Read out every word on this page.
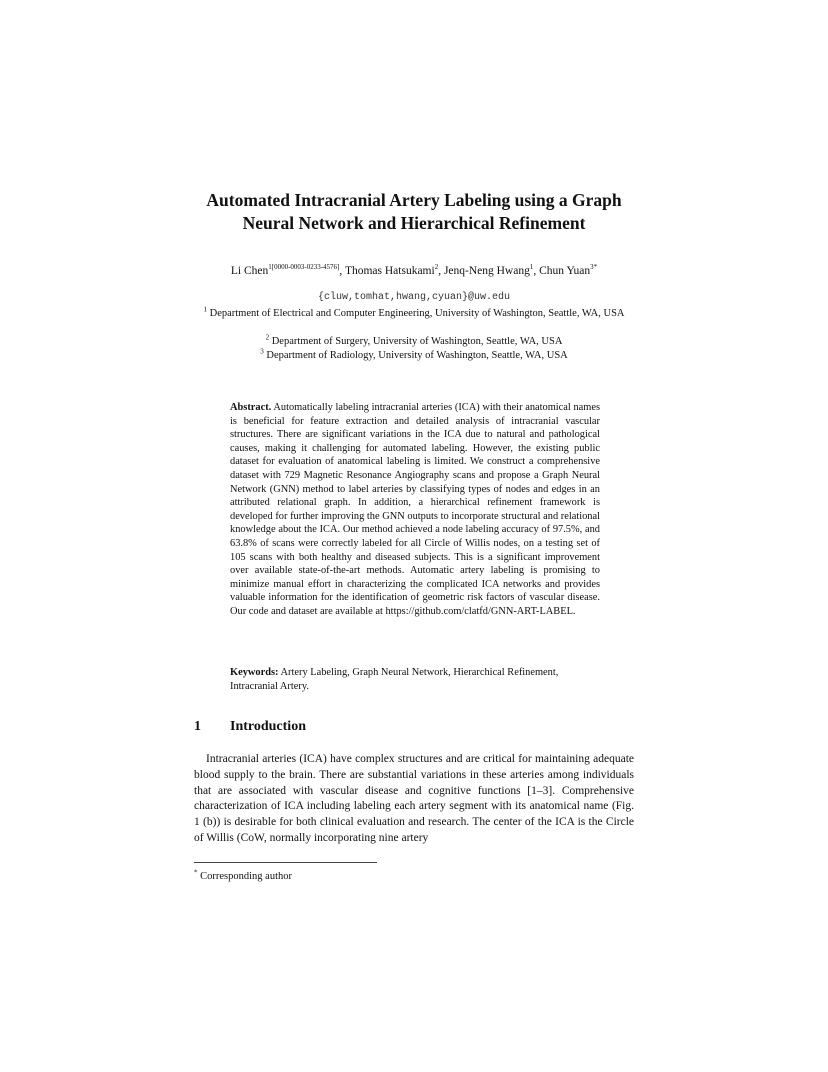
Automated Intracranial Artery Labeling using a Graph
Neural Network and Hierarchical Refinement
Li Chen$^{1[0000-0003-0233-4576]}$, Thomas Hatsukami$^2$, Jenq-Neng Hwang$^1$, Chun Yuan$^{3*}$
{cluw,tomhat,hwang,cyuan}@uw.edu
$^1$ Department of Electrical and Computer Engineering, University of Washington, Seattle, WA, USA
$^2$ Department of Surgery, University of Washington, Seattle, WA, USA
$^3$ Department of Radiology, University of Washington, Seattle, WA, USA
Abstract. Automatically labeling intracranial arteries (ICA) with their anatomical names is beneficial for feature extraction and detailed analysis of intracranial vascular structures. There are significant variations in the ICA due to natural and pathological causes, making it challenging for automated labeling. However, the existing public dataset for evaluation of anatomical labeling is limited. We construct a comprehensive dataset with 729 Magnetic Resonance Angiography scans and propose a Graph Neural Network (GNN) method to label arteries by classifying types of nodes and edges in an attributed relational graph. In addition, a hierarchical refinement framework is developed for further improving the GNN outputs to incorporate structural and relational knowledge about the ICA. Our method achieved a node labeling accuracy of 97.5%, and 63.8% of scans were correctly labeled for all Circle of Willis nodes, on a testing set of 105 scans with both healthy and diseased subjects. This is a significant improvement over available state-of-the-art methods. Automatic artery labeling is promising to minimize manual effort in characterizing the complicated ICA networks and provides valuable information for the identification of geometric risk factors of vascular disease. Our code and dataset are available at https://github.com/clatfd/GNN-ART-LABEL.
Keywords: Artery Labeling, Graph Neural Network, Hierarchical Refinement, Intracranial Artery.
1 Introduction
Intracranial arteries (ICA) have complex structures and are critical for maintaining adequate blood supply to the brain. There are substantial variations in these arteries among individuals that are associated with vascular disease and cognitive functions [1–3]. Comprehensive characterization of ICA including labeling each artery segment with its anatomical name (Fig. 1 (b)) is desirable for both clinical evaluation and research. The center of the ICA is the Circle of Willis (CoW, normally incorporating nine artery
* Corresponding author
